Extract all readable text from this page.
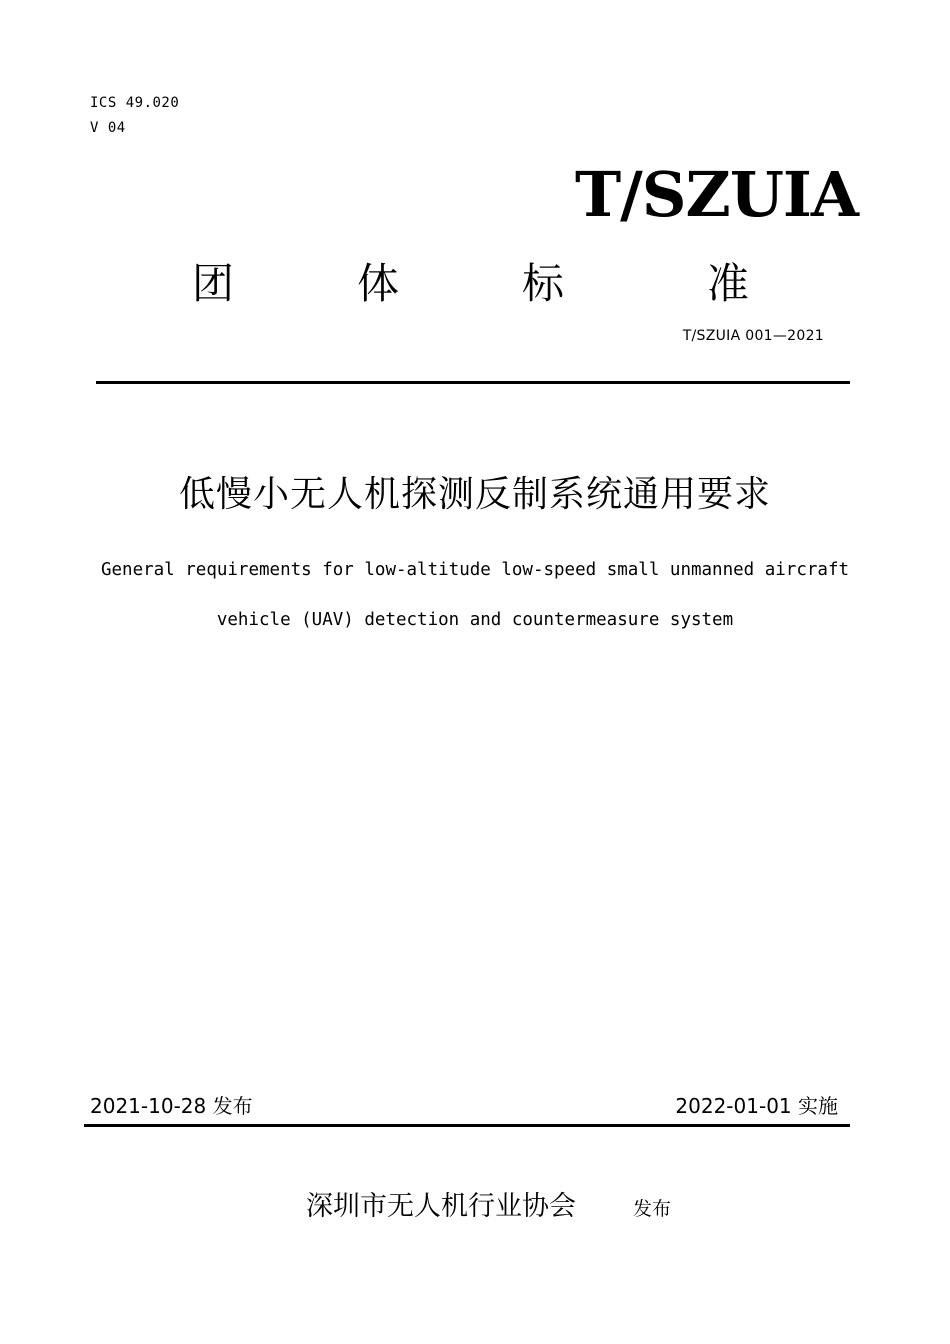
ICS 49.020
V 04
T/SZUIA
团	体	标	准
T/SZUIA 001—2021
低慢小无人机探测反制系统通用要求
General requirements for low-altitude low-speed small unmanned aircraft
vehicle (UAV) detection and countermeasure system
2021-10-28 发布	2022-01-01 实施
深圳市无人机行业协会	发布
